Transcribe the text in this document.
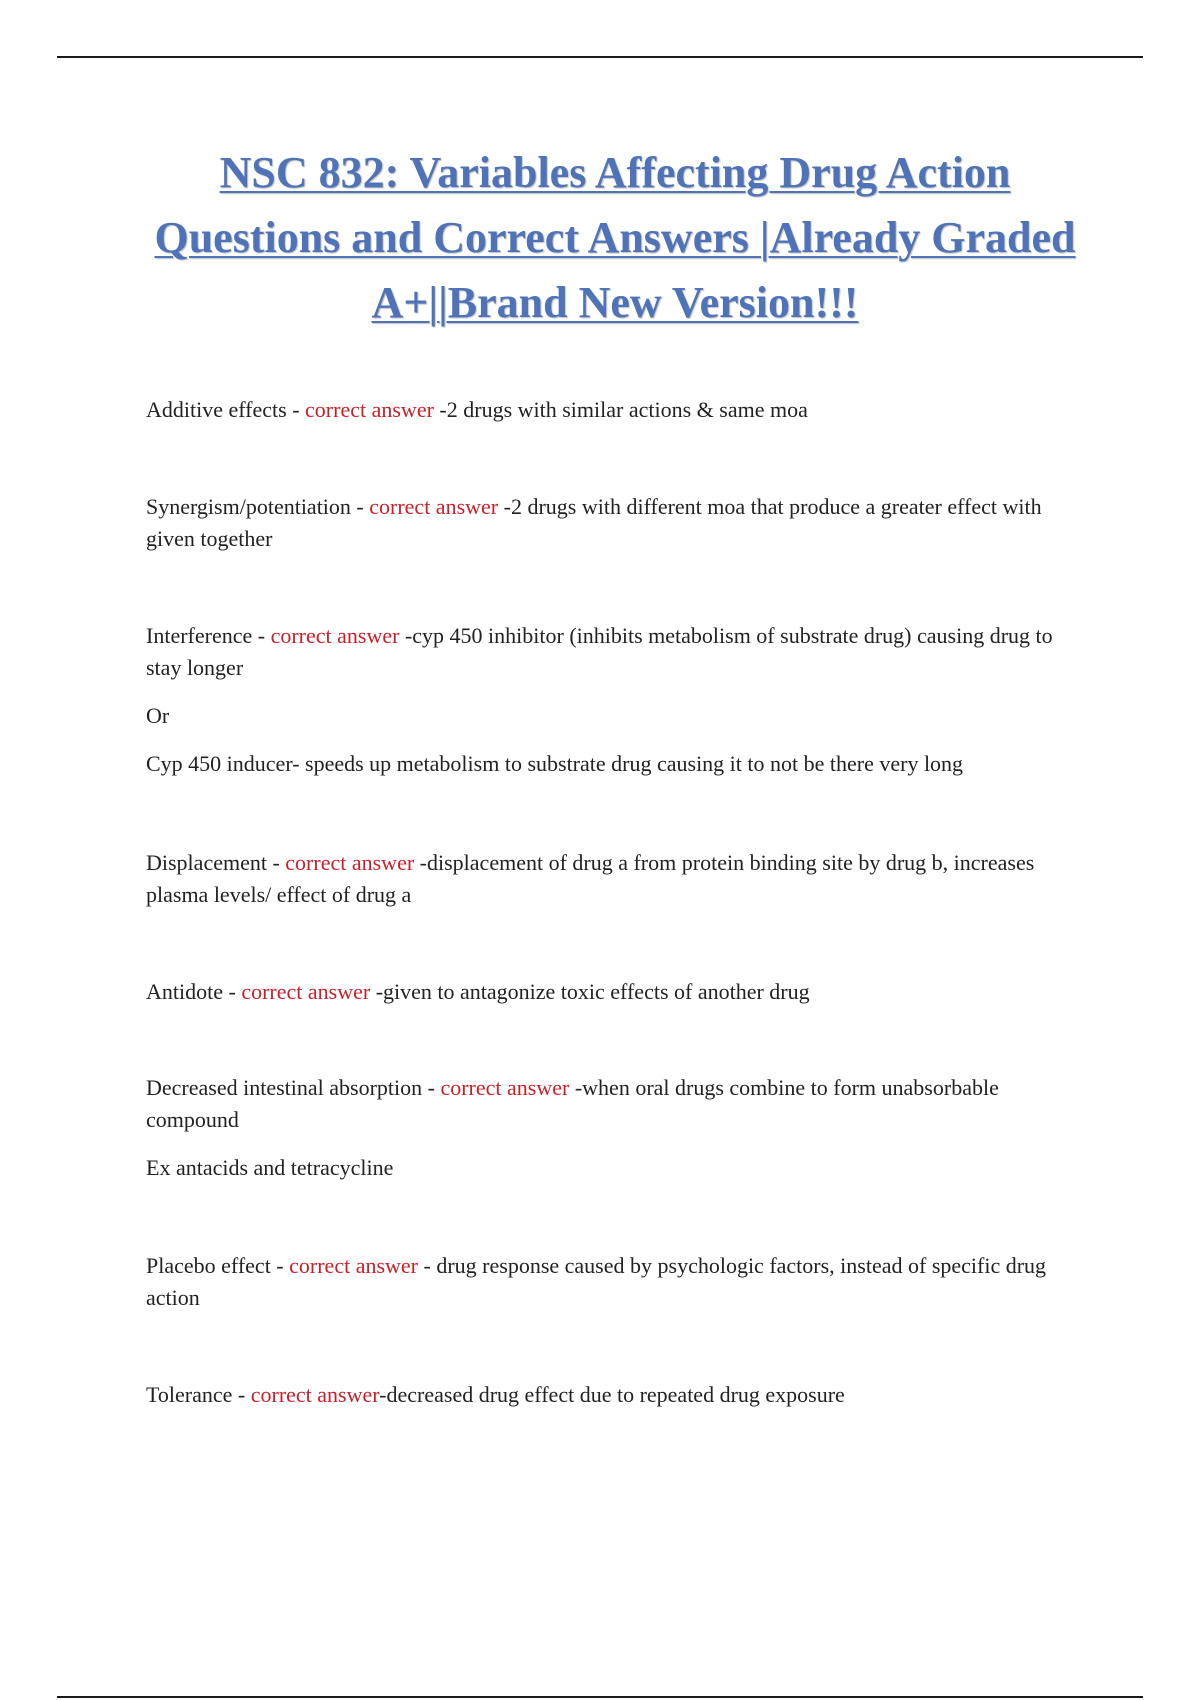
NSC 832: Variables Affecting Drug Action Questions and Correct Answers |Already Graded A+||Brand New Version!!!

Additive effects - correct answer -2 drugs with similar actions & same moa

Synergism/potentiation - correct answer -2 drugs with different moa that produce a greater effect with given together

Interference - correct answer -cyp 450 inhibitor (inhibits metabolism of substrate drug) causing drug to stay longer

Or

Cyp 450 inducer- speeds up metabolism to substrate drug causing it to not be there very long

Displacement - correct answer -displacement of drug a from protein binding site by drug b, increases plasma levels/ effect of drug a

Antidote - correct answer -given to antagonize toxic effects of another drug

Decreased intestinal absorption - correct answer -when oral drugs combine to form unabsorbable compound

Ex antacids and tetracycline

Placebo effect - correct answer - drug response caused by psychologic factors, instead of specific drug action

Tolerance - correct answer-decreased drug effect due to repeated drug exposure
